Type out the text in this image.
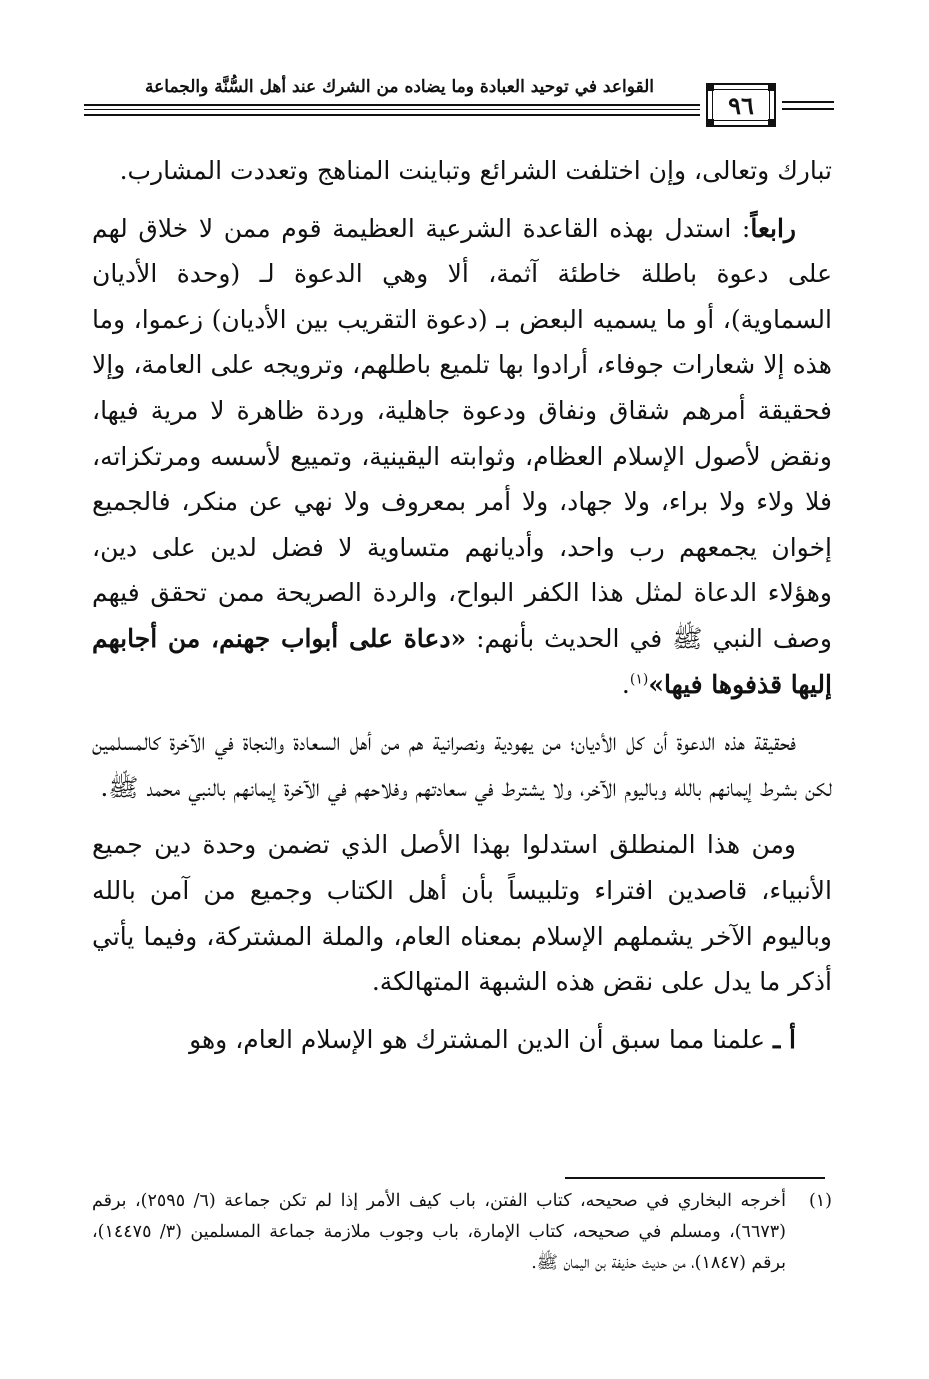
القواعد في توحيد العبادة وما يضاده من الشرك عند أهل السُّنَّة والجماعة
٩٦

تبارك وتعالى، وإن اختلفت الشرائع وتباينت المناهج وتعددت المشارب.

رابعاً: استدل بهذه القاعدة الشرعية العظيمة قوم ممن لا خلاق لهم على دعوة باطلة خاطئة آثمة، ألا وهي الدعوة لـ (وحدة الأديان السماوية)، أو ما يسميه البعض بـ (دعوة التقريب بين الأديان) زعموا، وما هذه إلا شعارات جوفاء، أرادوا بها تلميع باطلهم، وترويجه على العامة، وإلا فحقيقة أمرهم شقاق ونفاق ودعوة جاهلية، وردة ظاهرة لا مرية فيها، ونقض لأصول الإسلام العظام، وثوابته اليقينية، وتمييع لأسسه ومرتكزاته، فلا ولاء ولا براء، ولا جهاد، ولا أمر بمعروف ولا نهي عن منكر، فالجميع إخوان يجمعهم رب واحد، وأديانهم متساوية لا فضل لدين على دين، وهؤلاء الدعاة لمثل هذا الكفر البواح، والردة الصريحة ممن تحقق فيهم وصف النبي ﷺ في الحديث بأنهم: «دعاة على أبواب جهنم، من أجابهم إليها قذفوها فيها»$^{(١)}$.

فحقيقة هذه الدعوة أن كل الأديان؛ من يهودية ونصرانية هم من أهل السعادة والنجاة في الآخرة كالمسلمين لكن بشرط إيمانهم بالله وباليوم الآخر، ولا يشترط في سعادتهم وفلاحهم في الآخرة إيمانهم بالنبي محمد ﷺ.

ومن هذا المنطلق استدلوا بهذا الأصل الذي تضمن وحدة دين جميع الأنبياء، قاصدين افتراء وتلبيساً بأن أهل الكتاب وجميع من آمن بالله وباليوم الآخر يشملهم الإسلام بمعناه العام، والملة المشتركة، وفيما يأتي أذكر ما يدل على نقض هذه الشبهة المتهالكة.

أ ـ علمنا مما سبق أن الدين المشترك هو الإسلام العام، وهو

(١)
أخرجه البخاري في صحيحه، كتاب الفتن، باب كيف الأمر إذا لم تكن جماعة (٦/ ٢٥٩٥)، برقم (٦٦٧٣)، ومسلم في صحيحه، كتاب الإمارة، باب وجوب ملازمة جماعة المسلمين (٣/ ١٤٤٧٥)، برقم (١٨٤٧)، من حديث حذيفة بن اليمان ﷺ.
